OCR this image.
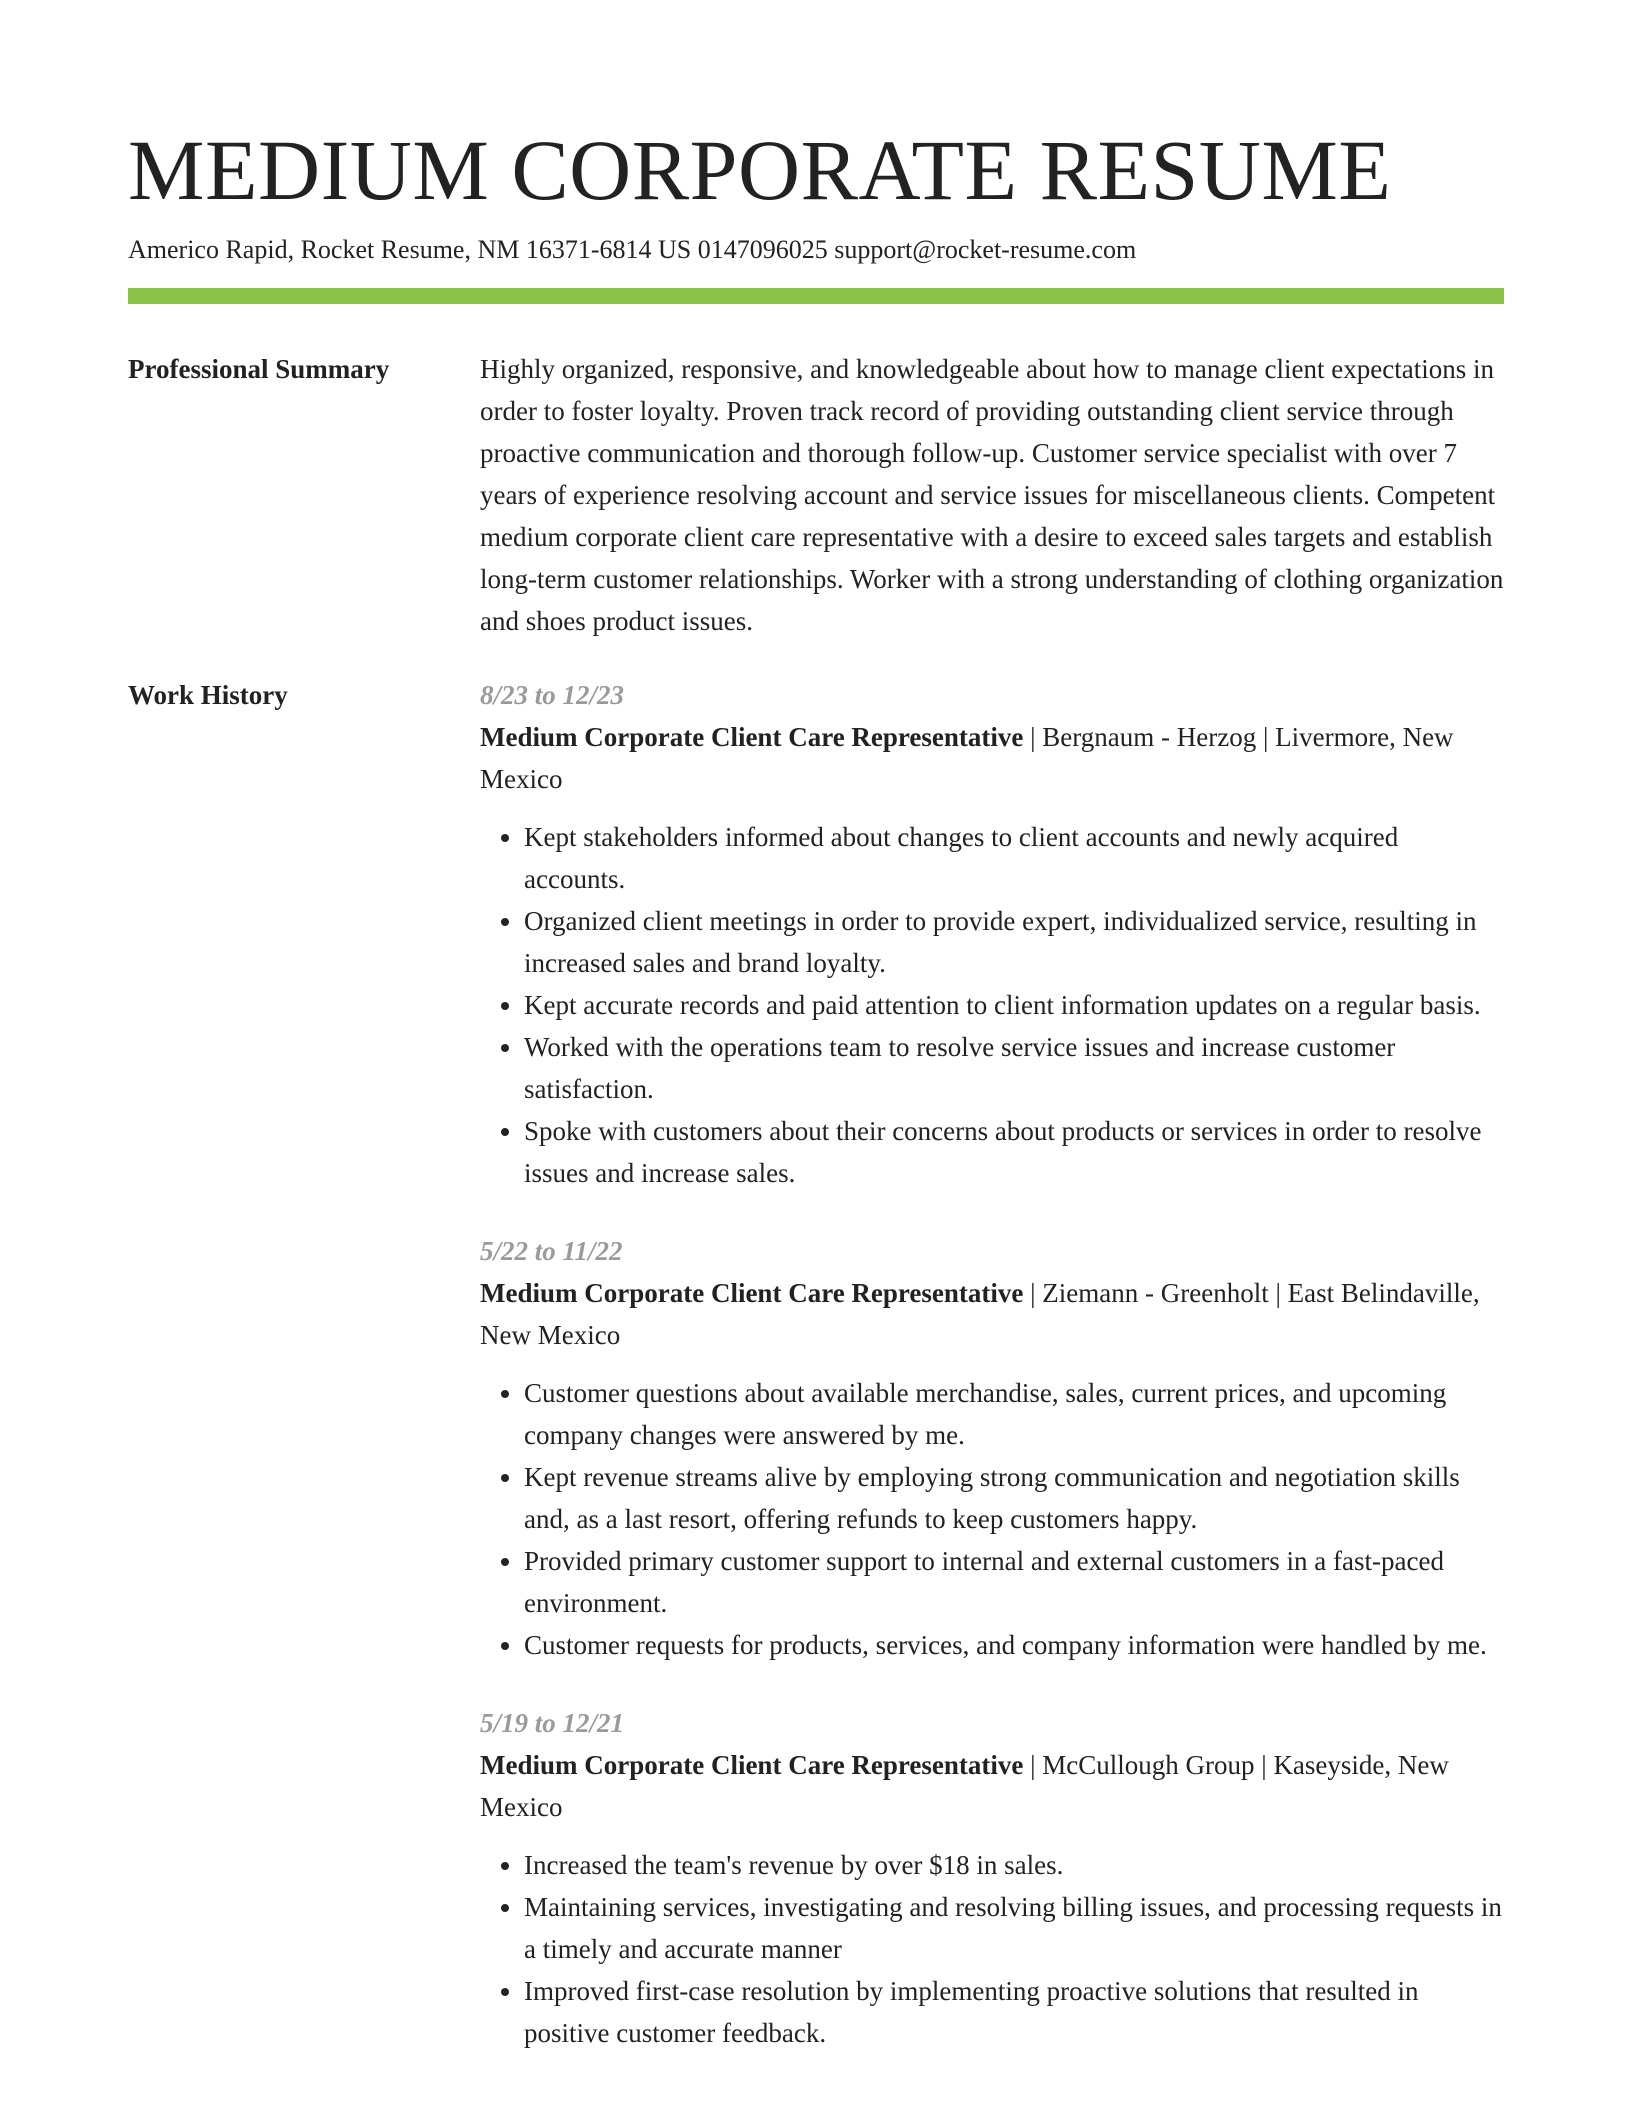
MEDIUM CORPORATE RESUME
Americo Rapid, Rocket Resume, NM 16371-6814 US 0147096025 support@rocket-resume.com
Professional Summary	Highly organized, responsive, and knowledgeable about how to manage client expectations in order to foster loyalty. Proven track record of providing outstanding client service through proactive communication and thorough follow-up. Customer service specialist with over 7 years of experience resolving account and service issues for miscellaneous clients. Competent medium corporate client care representative with a desire to exceed sales targets and establish long-term customer relationships. Worker with a strong understanding of clothing organization and shoes product issues.

Work History	8/23 to 12/23
Medium Corporate Client Care Representative | Bergnaum - Herzog | Livermore, New Mexico
• Kept stakeholders informed about changes to client accounts and newly acquired accounts.
• Organized client meetings in order to provide expert, individualized service, resulting in increased sales and brand loyalty.
• Kept accurate records and paid attention to client information updates on a regular basis.
• Worked with the operations team to resolve service issues and increase customer satisfaction.
• Spoke with customers about their concerns about products or services in order to resolve issues and increase sales.
5/22 to 11/22
Medium Corporate Client Care Representative | Ziemann - Greenholt | East Belindaville, New Mexico
• Customer questions about available merchandise, sales, current prices, and upcoming company changes were answered by me.
• Kept revenue streams alive by employing strong communication and negotiation skills and, as a last resort, offering refunds to keep customers happy.
• Provided primary customer support to internal and external customers in a fast-paced environment.
• Customer requests for products, services, and company information were handled by me.
5/19 to 12/21
Medium Corporate Client Care Representative | McCullough Group | Kaseyside, New Mexico
• Increased the team's revenue by over $18 in sales.
• Maintaining services, investigating and resolving billing issues, and processing requests in a timely and accurate manner
• Improved first-case resolution by implementing proactive solutions that resulted in positive customer feedback.
